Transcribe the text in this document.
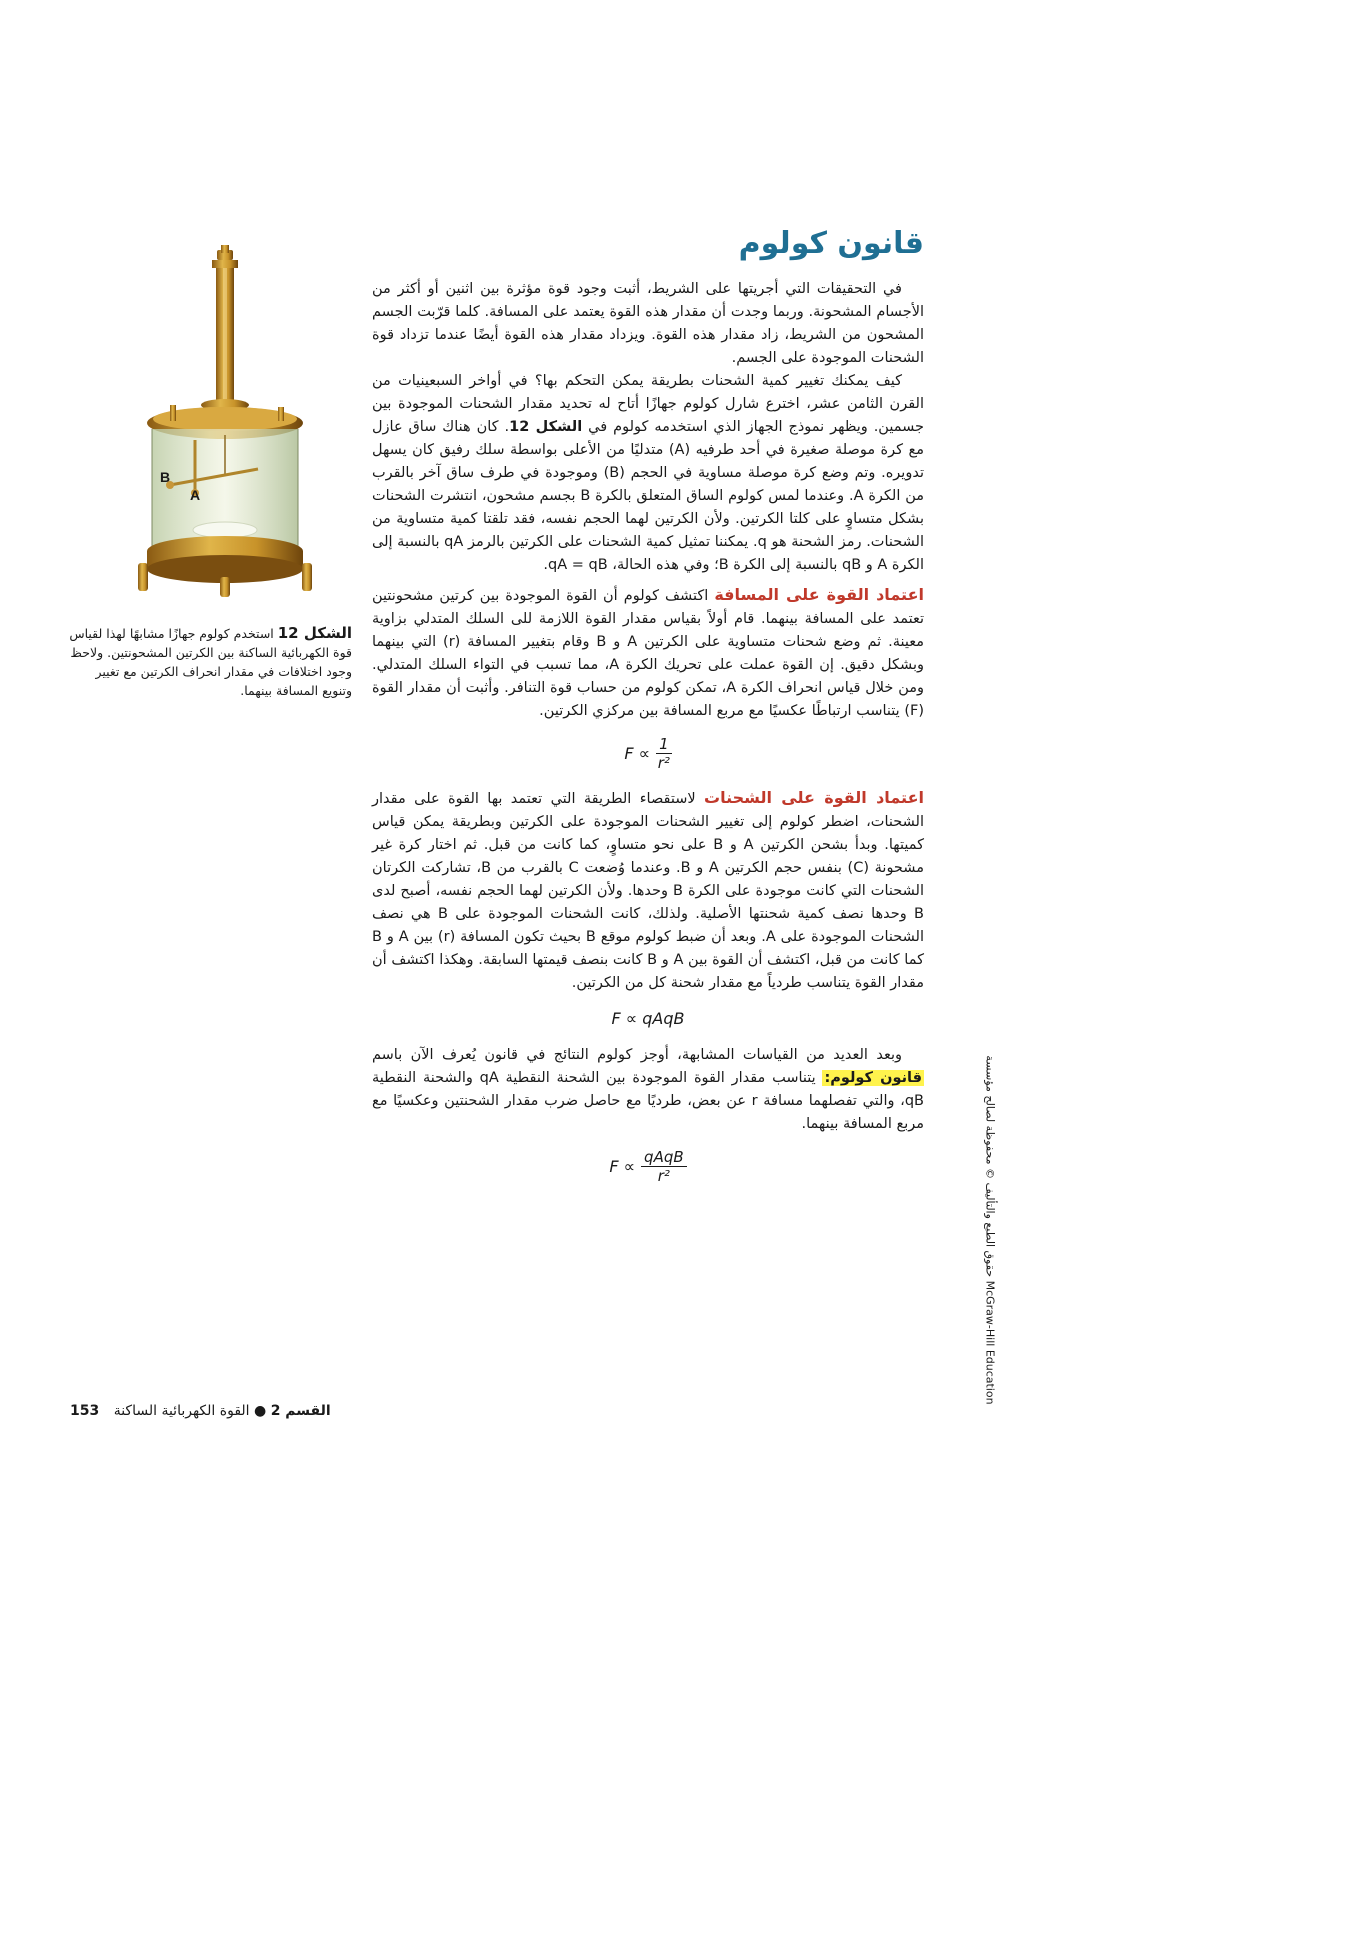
قانون كولوم

في التحقيقات التي أجريتها على الشريط، أثبت وجود قوة مؤثرة بين اثنين أو أكثر من الأجسام المشحونة. وربما وجدت أن مقدار هذه القوة يعتمد على المسافة. كلما قرّبت الجسم المشحون من الشريط، زاد مقدار هذه القوة. ويزداد مقدار هذه القوة أيضًا عندما تزداد قوة الشحنات الموجودة على الجسم.

كيف يمكنك تغيير كمية الشحنات بطريقة يمكن التحكم بها؟ في أواخر السبعينيات من القرن الثامن عشر، اخترع شارل كولوم جهازًا أتاح له تحديد مقدار الشحنات الموجودة بين جسمين. ويظهر نموذج الجهاز الذي استخدمه كولوم في الشكل 12. كان هناك ساق عازل مع كرة موصلة صغيرة في أحد طرفيه (A) متدليًا من الأعلى بواسطة سلك رفيق كان يسهل تدويره. وتم وضع كرة موصلة مساوية في الحجم (B) وموجودة في طرف ساق آخر بالقرب من الكرة A. وعندما لمس كولوم الساق المتعلق بالكرة B بجسم مشحون، انتشرت الشحنات بشكل متساوٍ على كلتا الكرتين. ولأن الكرتين لهما الحجم نفسه، فقد تلقتا كمية متساوية من الشحنات. رمز الشحنة هو q. يمكننا تمثيل كمية الشحنات على الكرتين بالرمز qA بالنسبة إلى الكرة A و qB بالنسبة إلى الكرة B؛ وفي هذه الحالة، qA = qB.

اعتماد القوة على المسافة اكتشف كولوم أن القوة الموجودة بين كرتين مشحونتين تعتمد على المسافة بينهما. قام أولاً بقياس مقدار القوة اللازمة للى السلك المتدلي بزاوية معينة. ثم وضع شحنات متساوية على الكرتين A و B وقام بتغيير المسافة (r) التي بينهما وبشكل دقيق. إن القوة عملت على تحريك الكرة A، مما تسبب في التواء السلك المتدلي. ومن خلال قياس انحراف الكرة A، تمكن كولوم من حساب قوة التنافر. وأثبت أن مقدار القوة (F) يتناسب ارتباطًا عكسيًا مع مربع المسافة بين مركزي الكرتين.

$F \propto \frac{1}{\text{r²}}$

اعتماد القوة على الشحنات لاستقصاء الطريقة التي تعتمد بها القوة على مقدار الشحنات، اضطر كولوم إلى تغيير الشحنات الموجودة على الكرتين وبطريقة يمكن قياس كميتها. وبدأ بشحن الكرتين A و B على نحو متساوٍ، كما كانت من قبل. ثم اختار كرة غير مشحونة (C) بنفس حجم الكرتين A و B. وعندما وُضعت C بالقرب من B، تشاركت الكرتان الشحنات التي كانت موجودة على الكرة B وحدها. ولأن الكرتين لهما الحجم نفسه، أصبح لدى B وحدها نصف كمية شحنتها الأصلية. ولذلك، كانت الشحنات الموجودة على B هي نصف الشحنات الموجودة على A. وبعد أن ضبط كولوم موقع B بحيث تكون المسافة (r) بين A و B كما كانت من قبل، اكتشف أن القوة بين A و B كانت بنصف قيمتها السابقة. وهكذا اكتشف أن مقدار القوة يتناسب طردياً مع مقدار شحنة كل من الكرتين.

F ∝ qAqB

وبعد العديد من القياسات المشابهة، أوجز كولوم النتائج في قانون يُعرف الآن باسم قانون كولوم: يتناسب مقدار القوة الموجودة بين الشحنة النقطية qA والشحنة النقطية qB، والتي تفصلهما مسافة r عن بعض، طرديًا مع حاصل ضرب مقدار الشحنتين وعكسيًا مع مربع المسافة بينهما.

$F \propto \frac{\text{qAqB}}{\text{r²}}$
B
A
الشكل 12 استخدم كولوم جهازًا مشابهًا لهذا لقياس قوة الكهربائية الساكنة بين الكرتين المشحونتين. ولاحظ وجود اختلافات في مقدار انحراف الكرتين مع تغيير وتنويع المسافة بينهما.
حقوق الطبع والتأليف © محفوظة لصالح مؤسسة McGraw-Hill Education
القسم 2 ● القوة الكهربائية الساكنة 153
